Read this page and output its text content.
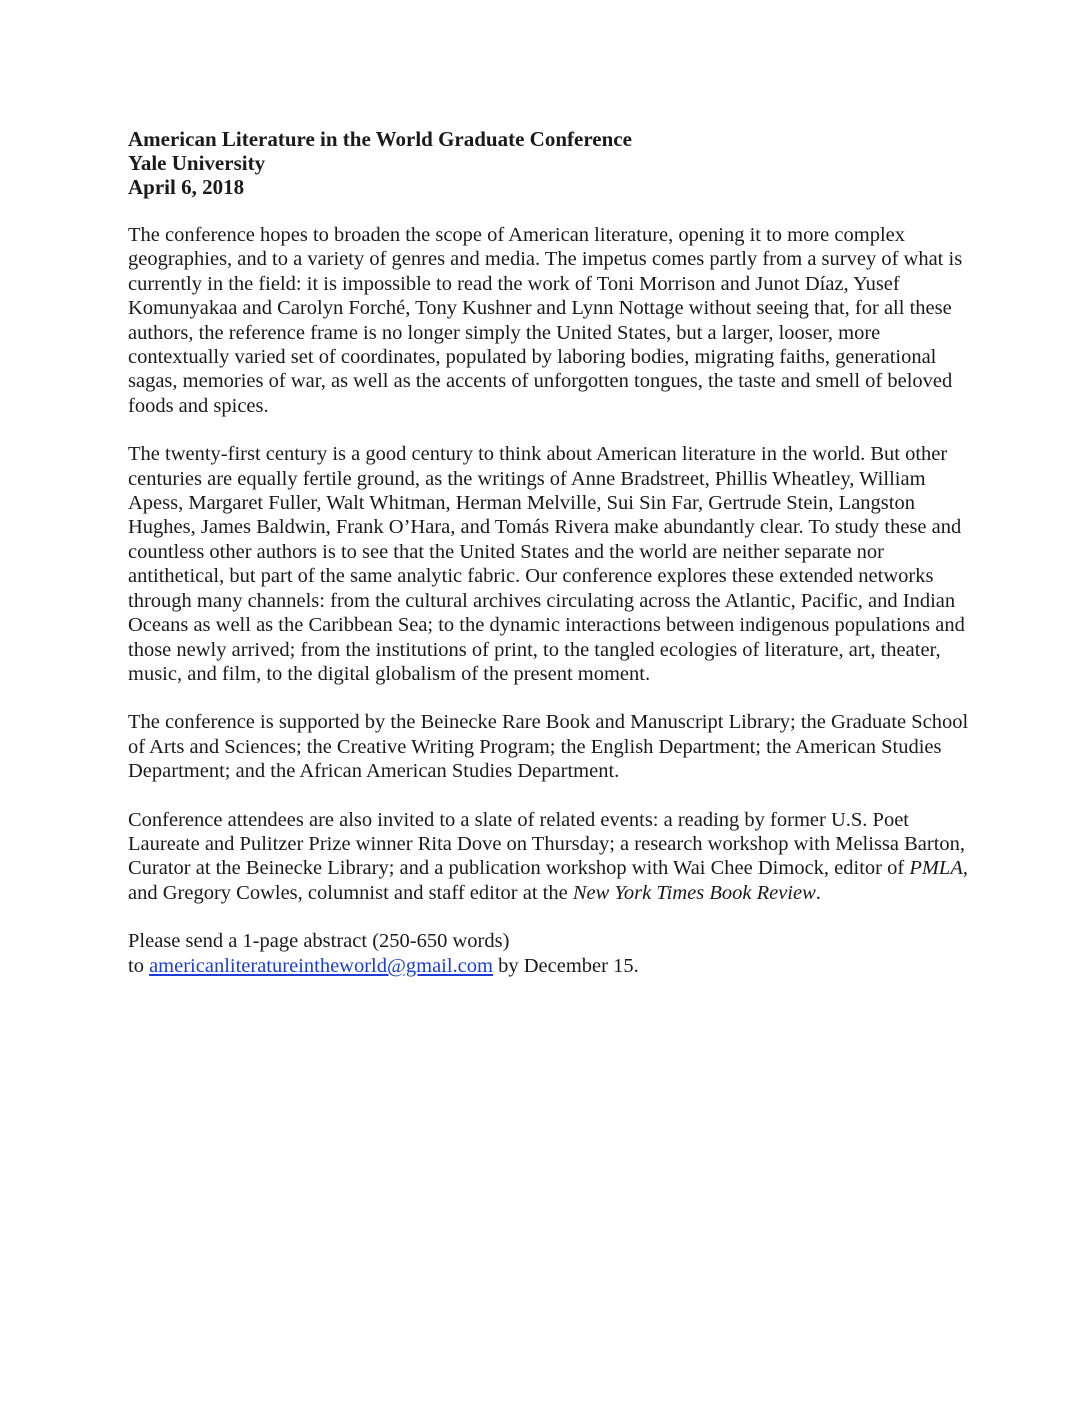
American Literature in the World Graduate Conference
Yale University
April 6, 2018

The conference hopes to broaden the scope of American literature, opening it to more complex geographies, and to a variety of genres and media. The impetus comes partly from a survey of what is currently in the field: it is impossible to read the work of Toni Morrison and Junot Díaz, Yusef Komunyakaa and Carolyn Forché, Tony Kushner and Lynn Nottage without seeing that, for all these authors, the reference frame is no longer simply the United States, but a larger, looser, more contextually varied set of coordinates, populated by laboring bodies, migrating faiths, generational sagas, memories of war, as well as the accents of unforgotten tongues, the taste and smell of beloved foods and spices.

The twenty-first century is a good century to think about American literature in the world. But other centuries are equally fertile ground, as the writings of Anne Bradstreet, Phillis Wheatley, William Apess, Margaret Fuller, Walt Whitman, Herman Melville, Sui Sin Far, Gertrude Stein, Langston Hughes, James Baldwin, Frank O’Hara, and Tomás Rivera make abundantly clear. To study these and countless other authors is to see that the United States and the world are neither separate nor antithetical, but part of the same analytic fabric. Our conference explores these extended networks through many channels: from the cultural archives circulating across the Atlantic, Pacific, and Indian Oceans as well as the Caribbean Sea; to the dynamic interactions between indigenous populations and those newly arrived; from the institutions of print, to the tangled ecologies of literature, art, theater, music, and film, to the digital globalism of the present moment.

The conference is supported by the Beinecke Rare Book and Manuscript Library; the Graduate School of Arts and Sciences; the Creative Writing Program; the English Department; the American Studies Department; and the African American Studies Department.

Conference attendees are also invited to a slate of related events: a reading by former U.S. Poet Laureate and Pulitzer Prize winner Rita Dove on Thursday; a research workshop with Melissa Barton, Curator at the Beinecke Library; and a publication workshop with Wai Chee Dimock, editor of PMLA, and Gregory Cowles, columnist and staff editor at the New York Times Book Review.

Please send a 1-page abstract (250-650 words)
to americanliteratureintheworld@gmail.com by December 15.
